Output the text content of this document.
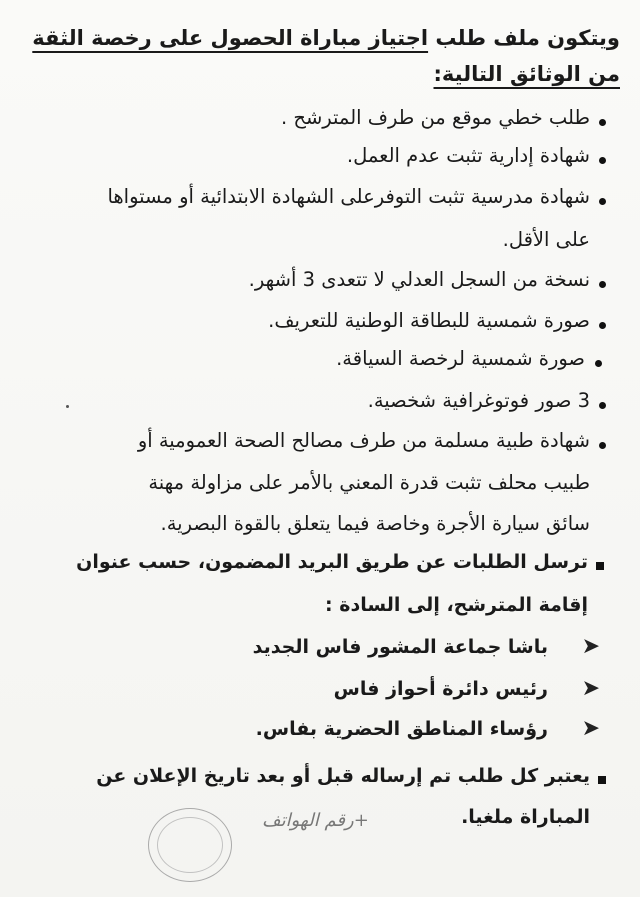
ويتكون ملف طلب اجتياز مباراة الحصول على رخصة الثقة
من الوثائق التالية:
طلب خطي موقع من طرف المترشح .
شهادة إدارية تثبت عدم العمل.
شهادة مدرسية تثبت التوفرعلى الشهادة الابتدائية أو مستواها
على الأقل.
نسخة من السجل العدلي لا تتعدى 3 أشهر.
صورة شمسية للبطاقة الوطنية للتعريف.
صورة شمسية لرخصة السياقة.
3 صور فوتوغرافية شخصية.
شهادة طبية مسلمة من طرف مصالح الصحة العمومية أو
طبيب محلف تثبت قدرة المعني بالأمر على مزاولة مهنة
سائق سيارة الأجرة وخاصة فيما يتعلق بالقوة البصرية.
ترسل الطلبات عن طريق البريد المضمون، حسب عنوان
إقامة المترشح، إلى السادة :
➤
باشا جماعة المشور فاس الجديد
➤
رئيس دائرة أحواز فاس
➤
رؤساء المناطق الحضرية بفاس.
يعتبر كل طلب تم إرساله قبل أو بعد تاريخ الإعلان عن
المباراة ملغيا.
+رقم الهواتف
